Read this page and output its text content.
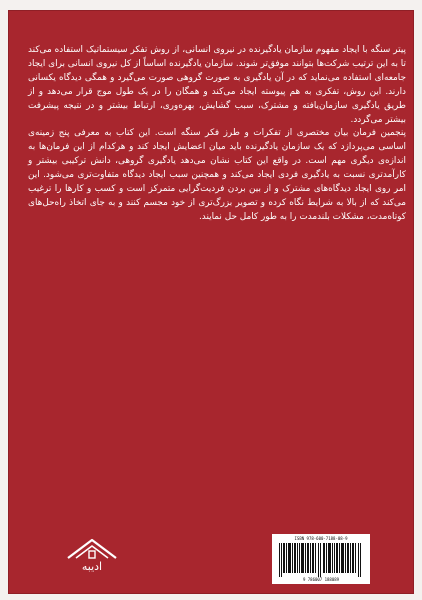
پیتر سنگه با ایجاد مفهوم سازمان یادگیرنده در نیروی انسانی، از روش تفکر سیستماتیک استفاده می‌کند تا به این ترتیب شرکت‌ها بتوانند موفق‌تر شوند. سازمان یادگیرنده اساساً از کل نیروی انسانی برای ایجاد جامعه‌ای استفاده می‌نماید که در آن یادگیری به صورت گروهی صورت می‌گیرد و همگی دیدگاه یکسانی دارند. این روش، تفکری به هم پیوسته ایجاد می‌کند و همگان را در یک طول موج قرار می‌دهد و از طریق یادگیری سازمان‌یافته و مشترک، سبب گشایش، بهره‌وری، ارتباط بیشتر و در نتیجه پیشرفت بیشتر می‌گردد.

پنجمین فرمان بیان مختصری از تفکرات و طرز فکر سنگه است. این کتاب به معرفی پنج زمینه‌ی اساسی می‌پردازد که یک سازمان یادگیرنده باید میان اعضایش ایجاد کند و هرکدام از این فرمان‌ها به اندازه‌ی دیگری مهم است. در واقع این کتاب نشان می‌دهد یادگیری گروهی، دانش ترکیبی بیشتر و کارآمدتری نسبت به یادگیری فردی ایجاد می‌کند و همچنین سبب ایجاد دیدگاه متفاوت‌تری می‌شود. این امر روی ایجاد دیدگاه‌های مشترک و از بین بردن فردیت‌گرایی متمرکز است و کسب و کارها را ترغیب می‌کند که از بالا به شرایط نگاه کرده و تصویر بزرگ‌تری از خود مجسم کنند و به جای اتخاذ راه‌حل‌های کوتاه‌مدت، مشکلات بلندمدت را به طور کامل حل نمایند.

ادیبه
ISBN 978-600-7188-08-9
9 786007 188089
